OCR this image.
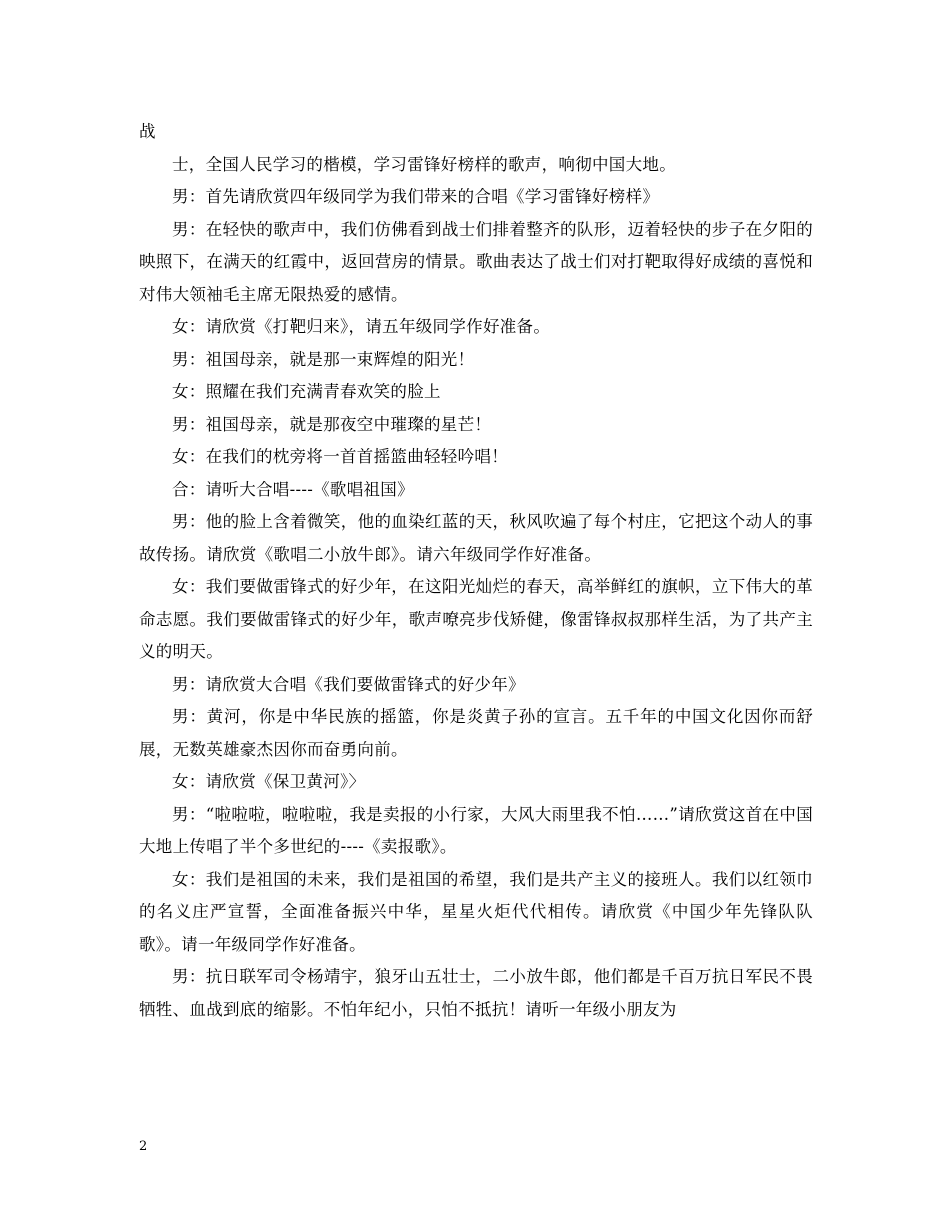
战

士，全国人民学习的楷模，学习雷锋好榜样的歌声，响彻中国大地。

男：首先请欣赏四年级同学为我们带来的合唱《学习雷锋好榜样》

男：在轻快的歌声中，我们仿佛看到战士们排着整齐的队形，迈着轻快的步子在夕阳的映照下，在满天的红霞中，返回营房的情景。歌曲表达了战士们对打靶取得好成绩的喜悦和对伟大领袖毛主席无限热爱的感情。

女：请欣赏《打靶归来》，请五年级同学作好准备。

男：祖国母亲，就是那一束辉煌的阳光！

女：照耀在我们充满青春欢笑的脸上

男：祖国母亲，就是那夜空中璀璨的星芒！

女：在我们的枕旁将一首首摇篮曲轻轻吟唱！

合：请听大合唱----《歌唱祖国》

男：他的脸上含着微笑，他的血染红蓝的天，秋风吹遍了每个村庄，它把这个动人的事故传扬。请欣赏《歌唱二小放牛郎》。请六年级同学作好准备。

女：我们要做雷锋式的好少年，在这阳光灿烂的春天，高举鲜红的旗帜，立下伟大的革命志愿。我们要做雷锋式的好少年，歌声嘹亮步伐矫健，像雷锋叔叔那样生活，为了共产主义的明天。

男：请欣赏大合唱《我们要做雷锋式的好少年》

男：黄河，你是中华民族的摇篮，你是炎黄子孙的宣言。五千年的中国文化因你而舒展，无数英雄豪杰因你而奋勇向前。

女：请欣赏《保卫黄河》〉

男：“啦啦啦，啦啦啦，我是卖报的小行家，大风大雨里我不怕……”请欣赏这首在中国大地上传唱了半个多世纪的----《卖报歌》。

女：我们是祖国的未来，我们是祖国的希望，我们是共产主义的接班人。我们以红领巾的名义庄严宣誓，全面准备振兴中华，星星火炬代代相传。请欣赏《中国少年先锋队队歌》。请一年级同学作好准备。

男：抗日联军司令杨靖宇，狼牙山五壮士，二小放牛郎，他们都是千百万抗日军民不畏牺牲、血战到底的缩影。不怕年纪小，只怕不抵抗！请听一年级小朋友为

2
